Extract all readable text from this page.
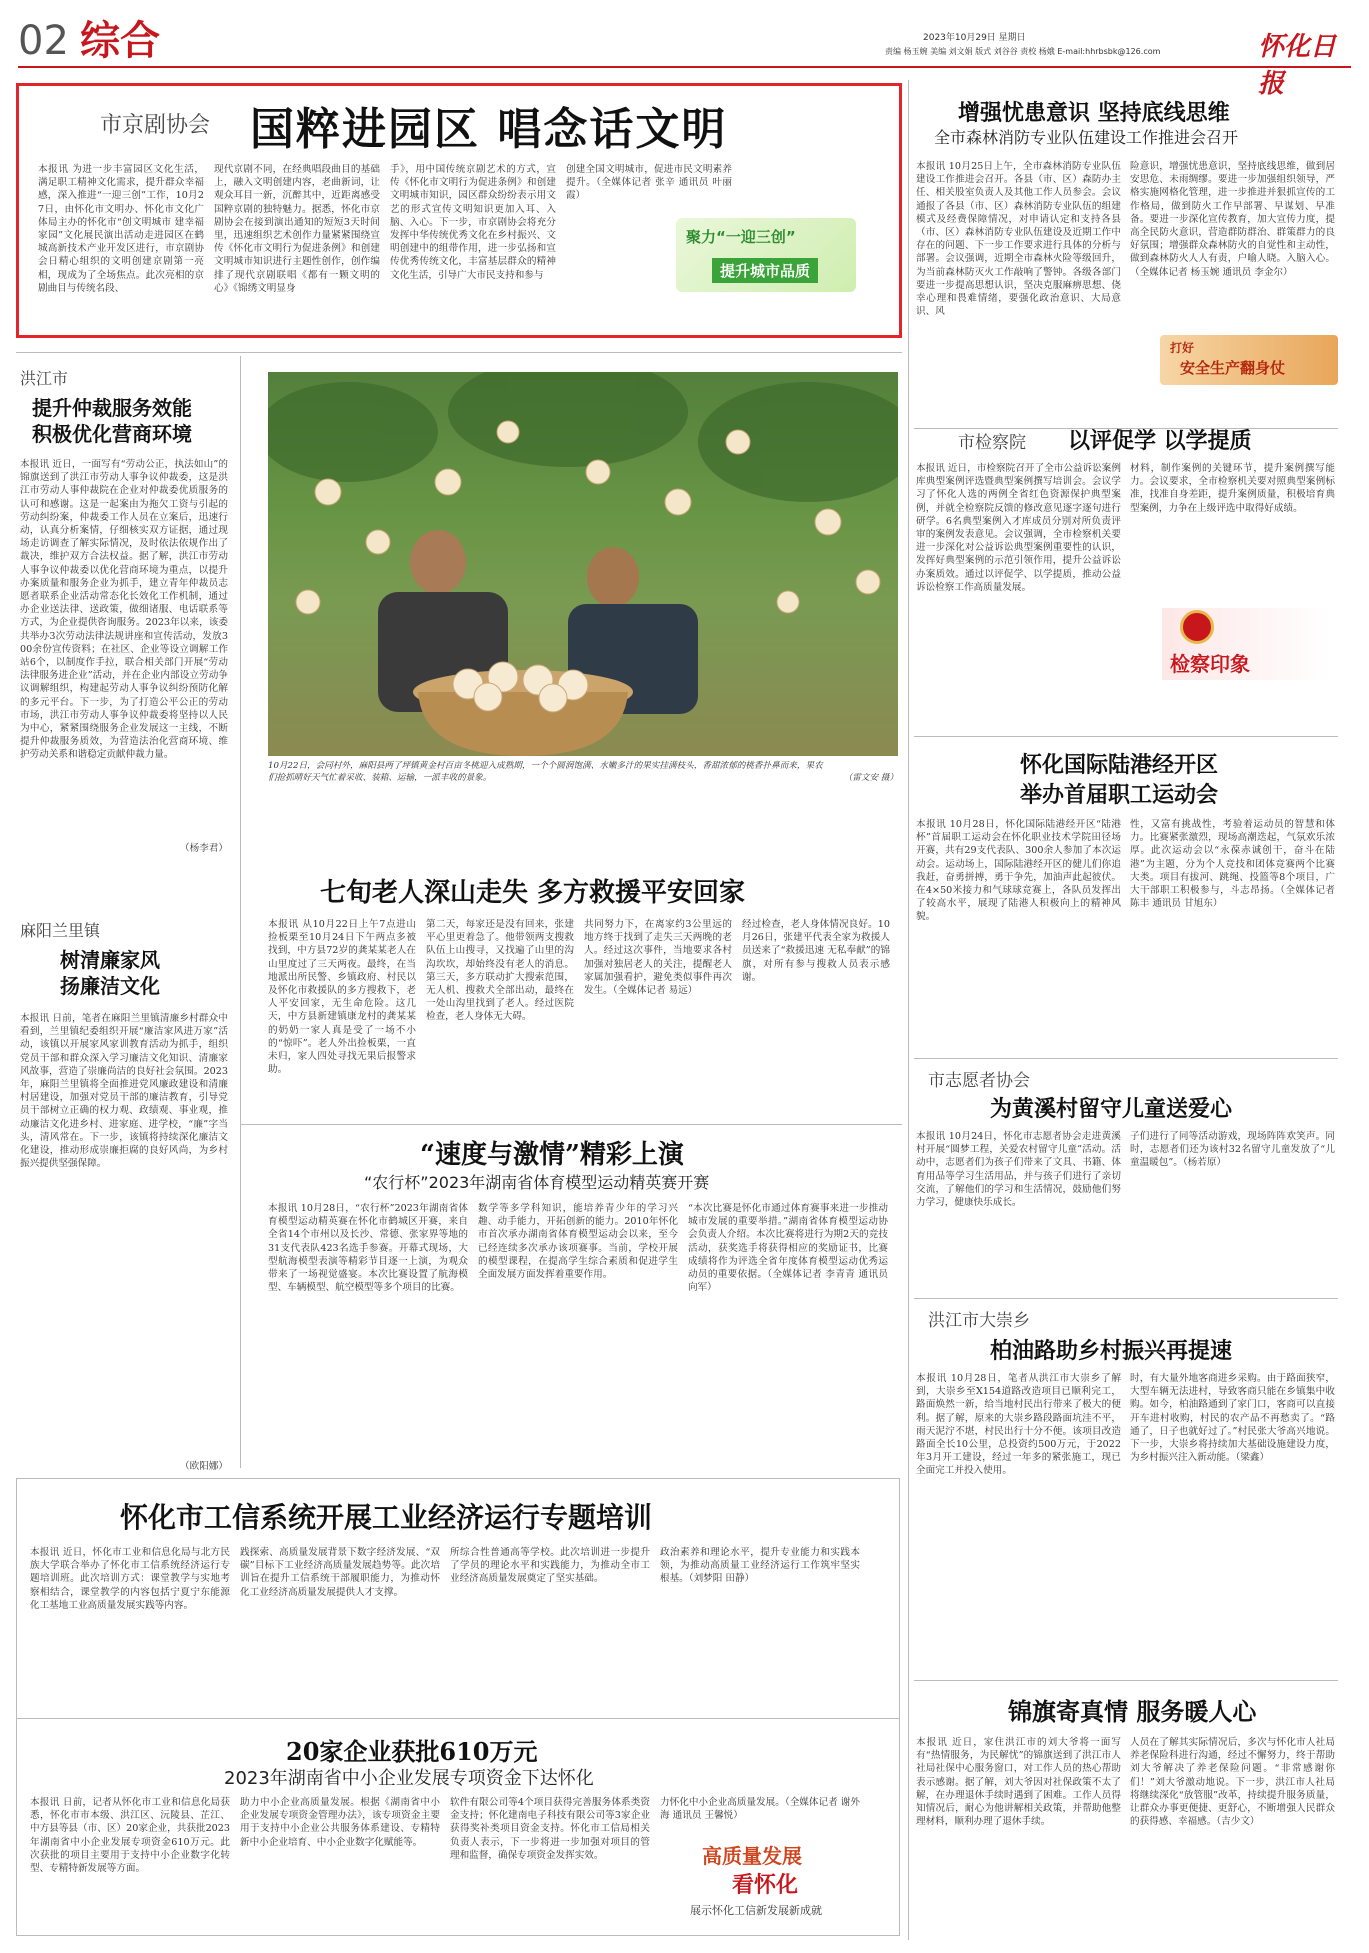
02 综合	2023年10月29日 星期日
责编 杨玉婉 美编 刘文娟 版式 刘谷谷 责校 杨娥 E-mail:hhrbsbk@126.com	怀化日报
市京剧协会 国粹进园区 唱念话文明
本报讯 为进一步丰富园区文化生活，满足职工精神文化需求，提升群众幸福感，深入推进“一迎三创”工作，10月27日，由怀化市文明办、怀化市文化广体局主办的怀化市“创文明城市 建幸福家园”文化展民演出活动走进园区在鹤城高新技术产业开发区进行，市京剧协会日精心组织的文明创建京剧第一亮相，现成为了全场焦点。此次亮相的京剧曲目与传统名段、
现代京剧不同，在经典唱段曲目的基础上，融入文明创建内容，老曲新词，让观众耳目一新，沉醉其中，近距离感受国粹京剧的独特魅力。据悉，怀化市京剧协会在接到演出通知的短短3天时间里，迅速组织艺术创作力量紧紧围绕宣传《怀化市文明行为促进条例》和创建文明城市知识进行主题性创作，创作编排了现代京剧联唱《都有一颗文明的心》《锦绣文明显身
手》，用中国传统京剧艺术的方式，宣传《怀化市文明行为促进条例》和创建文明城市知识，园区群众纷纷表示用文艺的形式宣传文明知识更加入耳、入脑、入心。下一步，市京剧协会将充分发挥中华传统优秀文化在乡村振兴、文明创建中的组带作用，进一步弘扬和宣传优秀传统文化，丰富基层群众的精神文化生活，引导广大市民支持和参与
创建全国文明城市，促进市民文明素养提升。（全媒体记者 张辛 通讯员 叶丽霞）
聚力“一迎三创”
提升城市品质
增强忧患意识 坚持底线思维
全市森林消防专业队伍建设工作推进会召开
本报讯 10月25日上午，全市森林消防专业队伍建设工作推进会召开。各县（市、区）森防办主任、相关股室负责人及其他工作人员参会。会议通报了各县（市、区）森林消防专业队伍的组建模式及经费保障情况，对申请认定和支持各县（市、区）森林消防专业队伍建设及近期工作中存在的问题、下一步工作要求进行具体的分析与部署。会议强调，近期全市森林火险等级回升，为当前森林防灭火工作敲响了警钟。各级各部门要进一步提高思想认识，坚决克服麻痹思想、侥幸心理和畏难情绪，要强化政治意识、大局意识、风
险意识，增强忧患意识，坚持底线思维，做到居安思危、未雨绸缪。要进一步加强组织领导，严格实施网格化管理，进一步推进并狠抓宣传的工作格局，做到防火工作早部署、早谋划、早准备。要进一步深化宣传教育，加大宣传力度，提高全民防火意识，营造群防群治、群策群力的良好氛围；增强群众森林防火的自觉性和主动性，做到森林防火人人有责，户喻人晓。入脑入心。（全媒体记者 杨玉婉 通讯员 李金尔）
打好
安全生产翻身仗
洪江市
提升仲裁服务效能
积极优化营商环境
本报讯 近日，一面写有“劳动公正，执法如山”的锦旗送到了洪江市劳动人事争议仲裁委，这是洪江市劳动人事仲裁院在企业对仲裁委优质服务的认可和感谢。这是一起案由为拖欠工资与引起的劳动纠纷案，仲裁委工作人员在立案后，迅速行动，认真分析案情，仔细核实双方证据，通过现场走访调查了解实际情况，及时依法依规作出了裁决，维护双方合法权益。据了解，洪江市劳动人事争议仲裁委以优化营商环境为重点，以提升办案质量和服务企业为抓手，建立青年仲裁员志愿者联系企业活动常态化长效化工作机制，通过办企业送法律、送政策，做细诸服、电话联系等方式，为企业提供咨询服务。2023年以来，该委共举办3次劳动法律法规讲座和宣传活动，发放300余份宣传资料；在社区、企业等设立调解工作站6个，以制度作手拉，联合相关部门开展“劳动法律服务进企业”活动，并在企业内部设立劳动争议调解组织，构建起劳动人事争议纠纷预防化解的多元平台。下一步，为了打造公平公正的劳动市场，洪江市劳动人事争议仲裁委将坚持以人民为中心，紧紧围绕服务企业发展这一主线，不断提升仲裁服务质效，为营造法治化营商环境、维护劳动关系和谐稳定贡献仲裁力量。
（杨李君）
10月22日，会同村外，麻阳县两了坪镇黄金村百亩冬桃迎入成熟期，一个个圆润饱满、水嫩多汁的果实挂满枝头，香甜浓郁的桃香扑鼻而来，果农们抢抓晴好天气忙着采收、装箱、运输，一派丰收的景象。	（雷文安 摄）
市检察院 以评促学 以学提质
本报讯 近日，市检察院召开了全市公益诉讼案例库典型案例评选暨典型案例撰写培训会。会议学习了怀化人选的两例全省红色资源保护典型案例，并就全检察院反馈的修改意见逐字逐句进行研学。6名典型案例入才库成员分别对所负责评审的案例发表意见。会议强调，全市检察机关要进一步深化对公益诉讼典型案例重要性的认识，发挥好典型案例的示范引领作用，提升公益诉讼办案质效。通过以评促学、以学提质，推动公益诉讼检察工作高质量发展。
材料，制作案例的关键环节，提升案例撰写能力。会议要求，全市检察机关要对照典型案例标准，找准自身差距，提升案例质量，积极培育典型案例，力争在上级评选中取得好成绩。
检察印象
七旬老人深山走失 多方救援平安回家
本报讯 从10月22日上午7点进山捡板栗至10月24日下午两点多被找到，中方县72岁的龚某某老人在山里度过了三天两夜。最终，在当地派出所民警、乡镇政府、村民以及怀化市救援队的多方搜救下，老人平安回家，无生命危险。这几天，中方县新建镇康龙村的龚某某的奶奶一家人真是受了一场不小的“惊吓”。老人外出捡板栗，一直未归，家人四处寻找无果后报警求助。
第二天，每家还是没有回来，张建平心里更着急了。他带领两支搜救队伍上山搜寻，又找遍了山里的沟沟坎坎，却始终没有老人的消息。第三天，多方联动扩大搜索范围，无人机、搜救犬全部出动，最终在一处山沟里找到了老人。经过医院检查，老人身体无大碍。
共同努力下，在离家约3公里远的地方终于找到了走失三天两晚的老人。经过这次事件，当地要求各村加强对独居老人的关注，提醒老人家属加强看护，避免类似事件再次发生。（全媒体记者 易远）
经过检查，老人身体情况良好。10月26日，张建平代表全家为救援人员送来了“救援迅速 无私奉献”的锦旗，对所有参与搜救人员表示感谢。
怀化国际陆港经开区
举办首届职工运动会
本报讯 10月28日，怀化国际陆港经开区“陆港杯”首届职工运动会在怀化职业技术学院田径场开赛，共有29支代表队、300余人参加了本次运动会。运动场上，国际陆港经开区的健儿们你追我赶，奋勇拼搏，勇于争先，加油声此起彼伏。在4×50米接力和气球球竞赛上，各队员发挥出了较高水平，展现了陆港人积极向上的精神风貌。
性，又富有挑战性，考验着运动员的智慧和体力。比赛紧张激烈，现场高潮迭起，气氛欢乐浓厚。此次运动会以“永葆赤诚创干，奋斗在陆港”为主题，分为个人竞技和团体竞赛两个比赛大类。项目有拔河、跳绳、投篮等8个项目，广大干部职工积极参与，斗志昂扬。（全媒体记者 陈丰 通讯员 甘旭东）
麻阳兰里镇
树清廉家风
扬廉洁文化
本报讯 日前，笔者在麻阳兰里镇清廉乡村群众中看到，兰里镇纪委组织开展“廉洁家风进万家”活动，该镇以开展家风家训教育活动为抓手，组织党员干部和群众深入学习廉洁文化知识、清廉家风故事，营造了崇廉尚洁的良好社会氛围。2023年，麻阳兰里镇将全面推进党风廉政建设和清廉村居建设，加强对党员干部的廉洁教育，引导党员干部树立正确的权力观、政绩观、事业观，推动廉洁文化进乡村、进家庭、进学校，“廉”字当头，清风常在。下一步，该镇将持续深化廉洁文化建设，推动形成崇廉拒腐的良好风尚，为乡村振兴提供坚强保障。
（欧阳娜）
“速度与激情”精彩上演
“农行杯”2023年湖南省体育模型运动精英赛开赛
本报讯 10月28日，“农行杯”2023年湖南省体育模型运动精英赛在怀化市鹤城区开赛，来自全省14个市州以及长沙、常德、张家界等地的31支代表队423名选手参赛。开幕式现场，大型航海模型表演等精彩节目逐一上演，为观众带来了一场视觉盛宴。本次比赛设置了航海模型、车辆模型、航空模型等多个项目的比赛。
数学等多学科知识，能培养青少年的学习兴趣、动手能力，开拓创新的能力。2010年怀化市首次承办湖南省体育模型运动会以来，至今已经连续多次承办该项赛事。当前，学校开展的模型课程，在提高学生综合素质和促进学生全面发展方面发挥着重要作用。
“本次比赛是怀化市通过体育赛事来进一步推动城市发展的重要举措。”湖南省体育模型运动协会负责人介绍。本次比赛将进行为期2天的竞技活动，获奖选手将获得相应的奖励证书，比赛成绩将作为评选全省年度体育模型运动优秀运动员的重要依据。（全媒体记者 李青青 通讯员 向军）
市志愿者协会
为黄溪村留守儿童送爱心
本报讯 10月24日，怀化市志愿者协会走进黄溪村开展“圆梦工程，关爱农村留守儿童”活动。活动中，志愿者们为孩子们带来了文具、书籍、体育用品等学习生活用品，并与孩子们进行了亲切交流，了解他们的学习和生活情况，鼓励他们努力学习，健康快乐成长。
子们进行了同等活动游戏，现场阵阵欢笑声。同时，志愿者们还为该村32名留守儿童发放了“儿童温暖包”。（杨若原）
洪江市大崇乡
柏油路助乡村振兴再提速
本报讯 10月28日，笔者从洪江市大崇乡了解到，大崇乡至X154道路改造项目已顺利完工，路面焕然一新，给当地村民出行带来了极大的便利。据了解，原来的大崇乡路段路面坑洼不平，雨天泥泞不堪，村民出行十分不便。该项目改造路面全长10公里，总投资约500万元，于2022年3月开工建设，经过一年多的紧张施工，现已全面完工并投入使用。
时，有大量外地客商进乡采购。由于路面狭窄，大型车辆无法进村，导致客商只能在乡镇集中收购。如今，柏油路通到了家门口，客商可以直接开车进村收购，村民的农产品不再愁卖了。“路通了，日子也就好过了。”村民张大爷高兴地说。下一步，大崇乡将持续加大基础设施建设力度，为乡村振兴注入新动能。（梁鑫）
怀化市工信系统开展工业经济运行专题培训
本报讯 近日，怀化市工业和信息化局与北方民族大学联合举办了怀化市工信系统经济运行专题培训班。此次培训方式：课堂教学与实地考察相结合，课堂教学的内容包括宁夏宁东能源化工基地工业高质量发展实践等内容。
践探索、高质量发展背景下数字经济发展、“双碳”目标下工业经济高质量发展趋势等。此次培训旨在提升工信系统干部履职能力，为推动怀化工业经济高质量发展提供人才支撑。
所综合性普通高等学校。此次培训进一步提升了学员的理论水平和实践能力，为推动全市工业经济高质量发展奠定了坚实基础。
政治素养和理论水平，提升专业能力和实践本领，为推动高质量工业经济运行工作筑牢坚实根基。（刘梦阳 田静）
20家企业获批610万元
2023年湖南省中小企业发展专项资金下达怀化
本报讯 日前，记者从怀化市工业和信息化局获悉，怀化市市本级、洪江区、沅陵县、芷江、中方县等县（市、区）20家企业，共获批2023年湖南省中小企业发展专项资金610万元。此次获批的项目主要用于支持中小企业数字化转型、专精特新发展等方面。
助力中小企业高质量发展。根据《湖南省中小企业发展专项资金管理办法》，该专项资金主要用于支持中小企业公共服务体系建设、专精特新中小企业培育、中小企业数字化赋能等。
软件有限公司等4个项目获得完善服务体系类资金支持；怀化建南电子科技有限公司等3家企业获得奖补类项目资金支持。怀化市工信局相关负责人表示，下一步将进一步加强对项目的管理和监督，确保专项资金发挥实效。
力怀化中小企业高质量发展。（全媒体记者 谢外海 通讯员 王馨悦）
高质量发展
看怀化
展示怀化工信新发展新成就
锦旗寄真情 服务暖人心
本报讯 近日，家住洪江市的刘大爷将一面写有“热情服务，为民解忧”的锦旗送到了洪江市人社局社保中心服务窗口，对工作人员的热心帮助表示感谢。据了解，刘大爷因对社保政策不太了解，在办理退休手续时遇到了困难。工作人员得知情况后，耐心为他讲解相关政策，并帮助他整理材料，顺利办理了退休手续。
人员在了解其实际情况后，多次与怀化市人社局养老保险科进行沟通，经过不懈努力，终于帮助刘大爷解决了养老保险问题。“非常感谢你们！”刘大爷激动地说。下一步，洪江市人社局将继续深化“放管服”改革，持续提升服务质量，让群众办事更便捷、更舒心，不断增强人民群众的获得感、幸福感。（吉少文）
